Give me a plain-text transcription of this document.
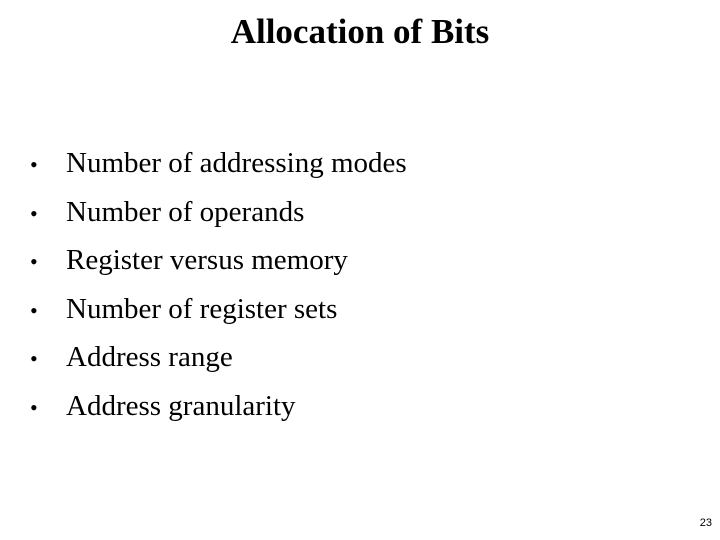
Allocation of Bits
• Number of addressing modes
• Number of operands
• Register versus memory
• Number of register sets
• Address range
• Address granularity
23
